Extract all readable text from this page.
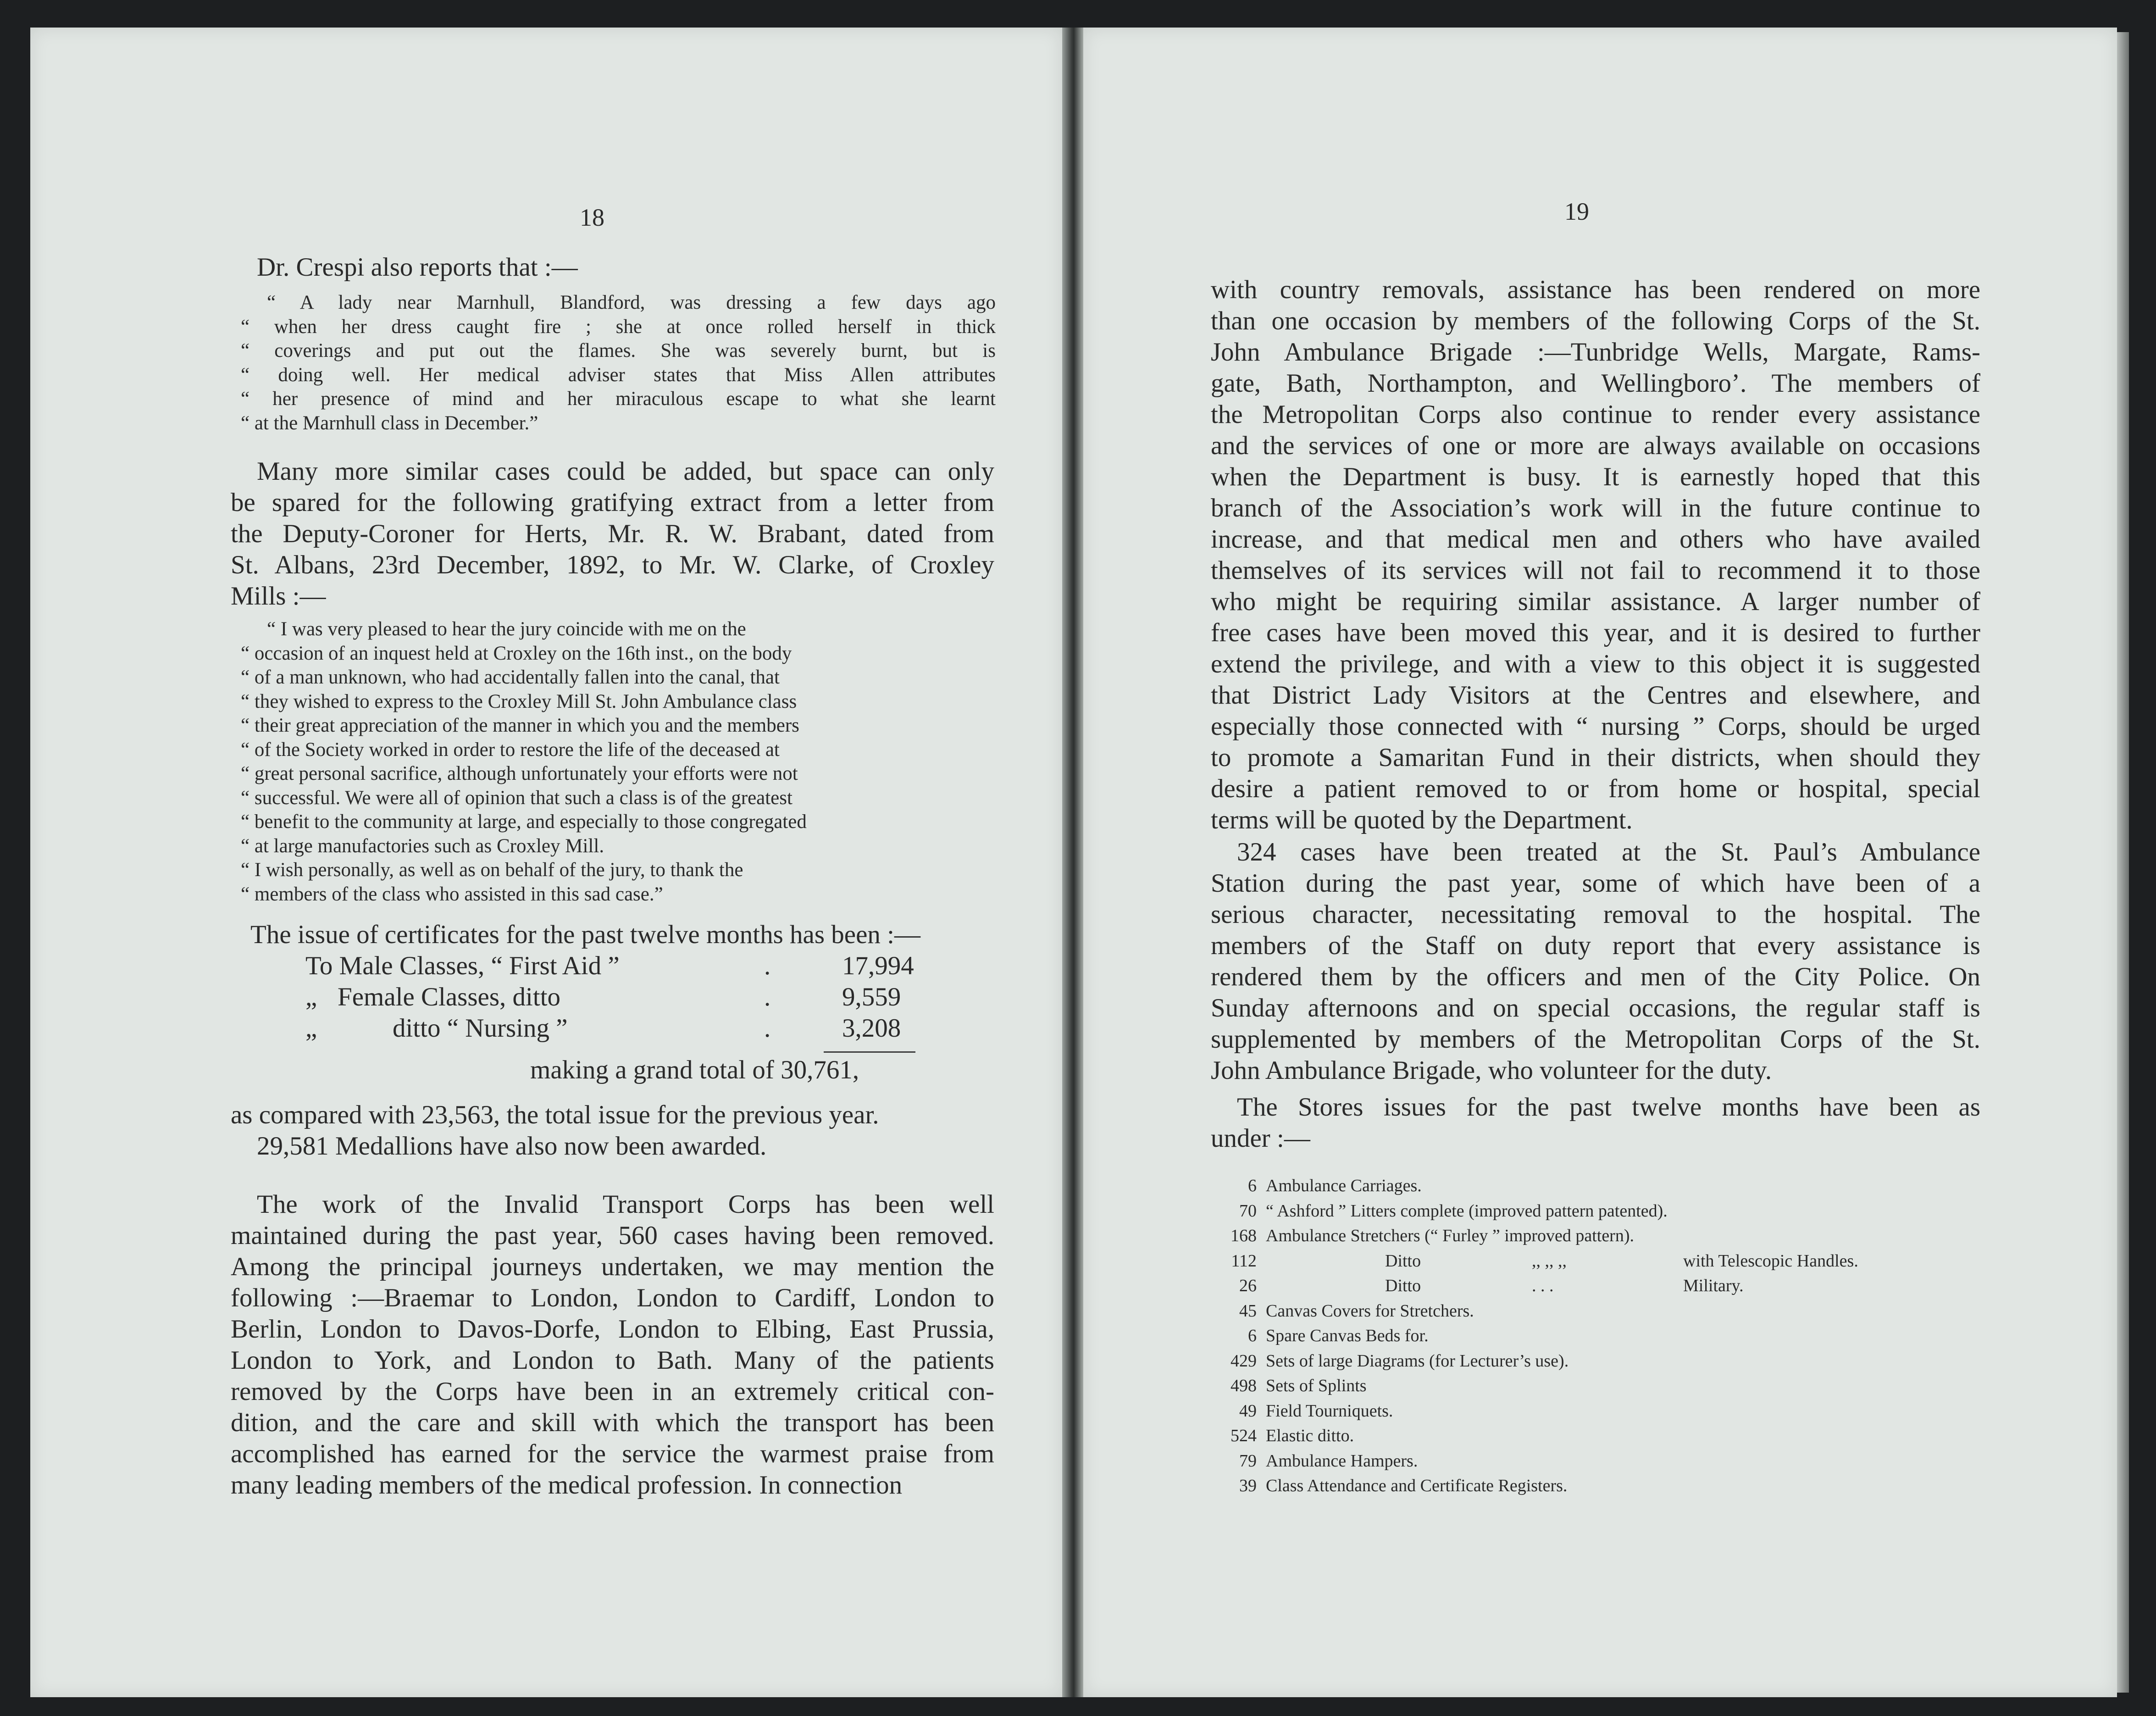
18
Dr. Crespi also reports that :—
“ A lady near Marnhull, Blandford, was dressing a few days ago
“ when her dress caught fire ; she at once rolled herself in thick
“ coverings and put out the flames. She was severely burnt, but is
“ doing well. Her medical adviser states that Miss Allen attributes
“ her presence of mind and her miraculous escape to what she learnt
“ at the Marnhull class in December.”
Many more similar cases could be added, but space can only
be spared for the following gratifying extract from a letter from
the Deputy-Coroner for Herts, Mr. R. W. Brabant, dated from
St. Albans, 23rd December, 1892, to Mr. W. Clarke, of Croxley
Mills :—
“ I was very pleased to hear the jury coincide with me on the
“ occasion of an inquest held at Croxley on the 16th inst., on the body
“ of a man unknown, who had accidentally fallen into the canal, that
“ they wished to express to the Croxley Mill St. John Ambulance class
“ their great appreciation of the manner in which you and the members
“ of the Society worked in order to restore the life of the deceased at
“ great personal sacrifice, although unfortunately your efforts were not
“ successful. We were all of opinion that such a class is of the greatest
“ benefit to the community at large, and especially to those congregated
“ at large manufactories such as Croxley Mill.
“ I wish personally, as well as on behalf of the jury, to thank the
“ members of the class who assisted in this sad case.”
The issue of certificates for the past twelve months has been :—
To Male Classes, “ First Aid ”	.	17,994
„ Female Classes, ditto	.	9,559
„	ditto “ Nursing ”	.	3,208
making a grand total of 30,761,
as compared with 23,563, the total issue for the previous year.
29,581 Medallions have also now been awarded.
The work of the Invalid Transport Corps has been well
maintained during the past year, 560 cases having been removed.
Among the principal journeys undertaken, we may mention the
following :—Braemar to London, London to Cardiff, London to
Berlin, London to Davos-Dorfe, London to Elbing, East Prussia,
London to York, and London to Bath. Many of the patients
removed by the Corps have been in an extremely critical con-
dition, and the care and skill with which the transport has been
accomplished has earned for the service the warmest praise from
many leading members of the medical profession. In connection
19
with country removals, assistance has been rendered on more
than one occasion by members of the following Corps of the St.
John Ambulance Brigade :—Tunbridge Wells, Margate, Rams-
gate, Bath, Northampton, and Wellingboro’. The members of
the Metropolitan Corps also continue to render every assistance
and the services of one or more are always available on occasions
when the Department is busy. It is earnestly hoped that this
branch of the Association’s work will in the future continue to
increase, and that medical men and others who have availed
themselves of its services will not fail to recommend it to those
who might be requiring similar assistance. A larger number of
free cases have been moved this year, and it is desired to further
extend the privilege, and with a view to this object it is suggested
that District Lady Visitors at the Centres and elsewhere, and
especially those connected with “ nursing ” Corps, should be urged
to promote a Samaritan Fund in their districts, when should they
desire a patient removed to or from home or hospital, special
terms will be quoted by the Department.
324 cases have been treated at the St. Paul’s Ambulance
Station during the past year, some of which have been of a
serious character, necessitating removal to the hospital. The
members of the Staff on duty report that every assistance is
rendered them by the officers and men of the City Police. On
Sunday afternoons and on special occasions, the regular staff is
supplemented by members of the Metropolitan Corps of the St.
John Ambulance Brigade, who volunteer for the duty.
The Stores issues for the past twelve months have been as
under :—
6 Ambulance Carriages.
70 “ Ashford ” Litters complete (improved pattern patented).
168 Ambulance Stretchers (“ Furley ” improved pattern).
112	Ditto	,, ,, ,,	with Telescopic Handles.
26	Ditto	. . .	Military.
45 Canvas Covers for Stretchers.
6 Spare Canvas Beds for.
429 Sets of large Diagrams (for Lecturer’s use).
498 Sets of Splints
49 Field Tourniquets.
524 Elastic ditto.
79 Ambulance Hampers.
39 Class Attendance and Certificate Registers.
